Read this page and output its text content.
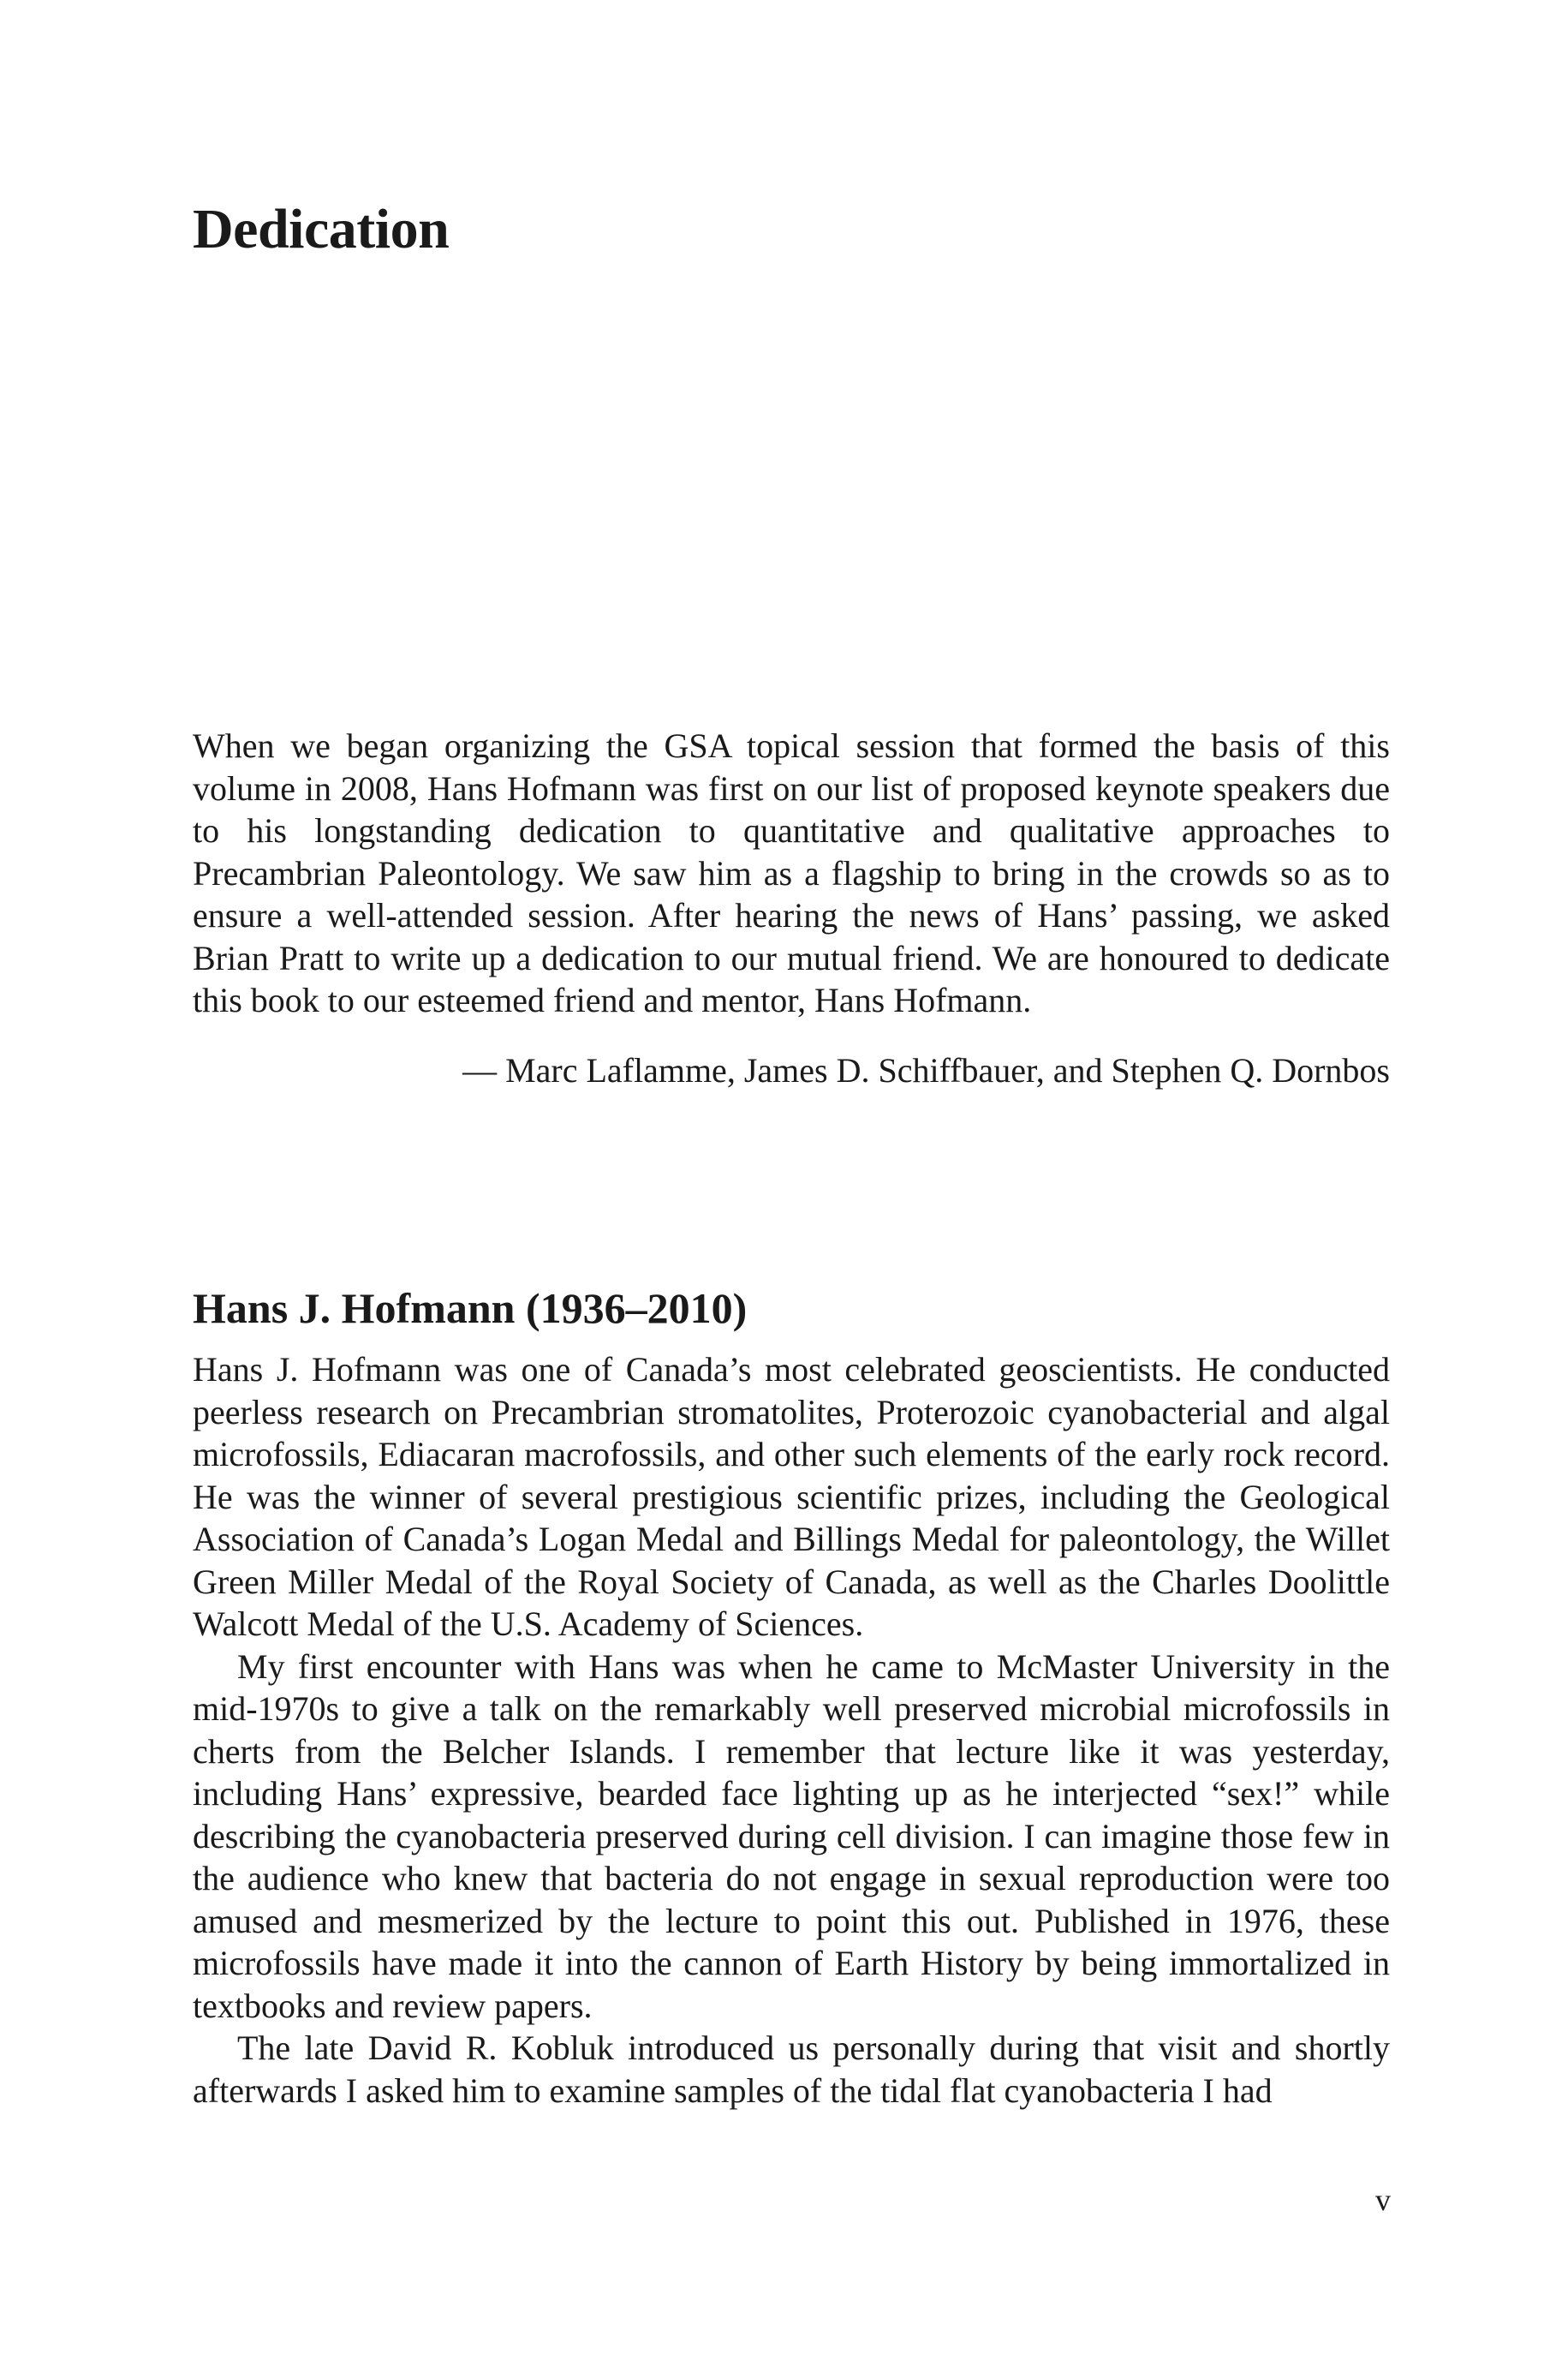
Dedication

When we began organizing the GSA topical session that formed the basis of this volume in 2008, Hans Hofmann was first on our list of proposed keynote speakers due to his longstanding dedication to quantitative and qualitative approaches to Precambrian Paleontology. We saw him as a flagship to bring in the crowds so as to ensure a well-attended session. After hearing the news of Hans’ passing, we asked Brian Pratt to write up a dedication to our mutual friend. We are honoured to dedicate this book to our esteemed friend and mentor, Hans Hofmann.

— Marc Laflamme, James D. Schiffbauer, and Stephen Q. Dornbos

Hans J. Hofmann (1936–2010)

Hans J. Hofmann was one of Canada’s most celebrated geoscientists. He conducted peerless research on Precambrian stromatolites, Proterozoic cyanobacterial and algal microfossils, Ediacaran macrofossils, and other such elements of the early rock record. He was the winner of several prestigious scientific prizes, including the Geological Association of Canada’s Logan Medal and Billings Medal for paleontology, the Willet Green Miller Medal of the Royal Society of Canada, as well as the Charles Doolittle Walcott Medal of the U.S. Academy of Sciences.

My first encounter with Hans was when he came to McMaster University in the mid-1970s to give a talk on the remarkably well preserved microbial microfossils in cherts from the Belcher Islands. I remember that lecture like it was yesterday, including Hans’ expressive, bearded face lighting up as he interjected “sex!” while describing the cyanobacteria preserved during cell division. I can imagine those few in the audience who knew that bacteria do not engage in sexual reproduction were too amused and mesmerized by the lecture to point this out. Published in 1976, these microfossils have made it into the cannon of Earth History by being immortalized in textbooks and review papers.

The late David R. Kobluk introduced us personally during that visit and shortly afterwards I asked him to examine samples of the tidal flat cyanobacteria I had

v
